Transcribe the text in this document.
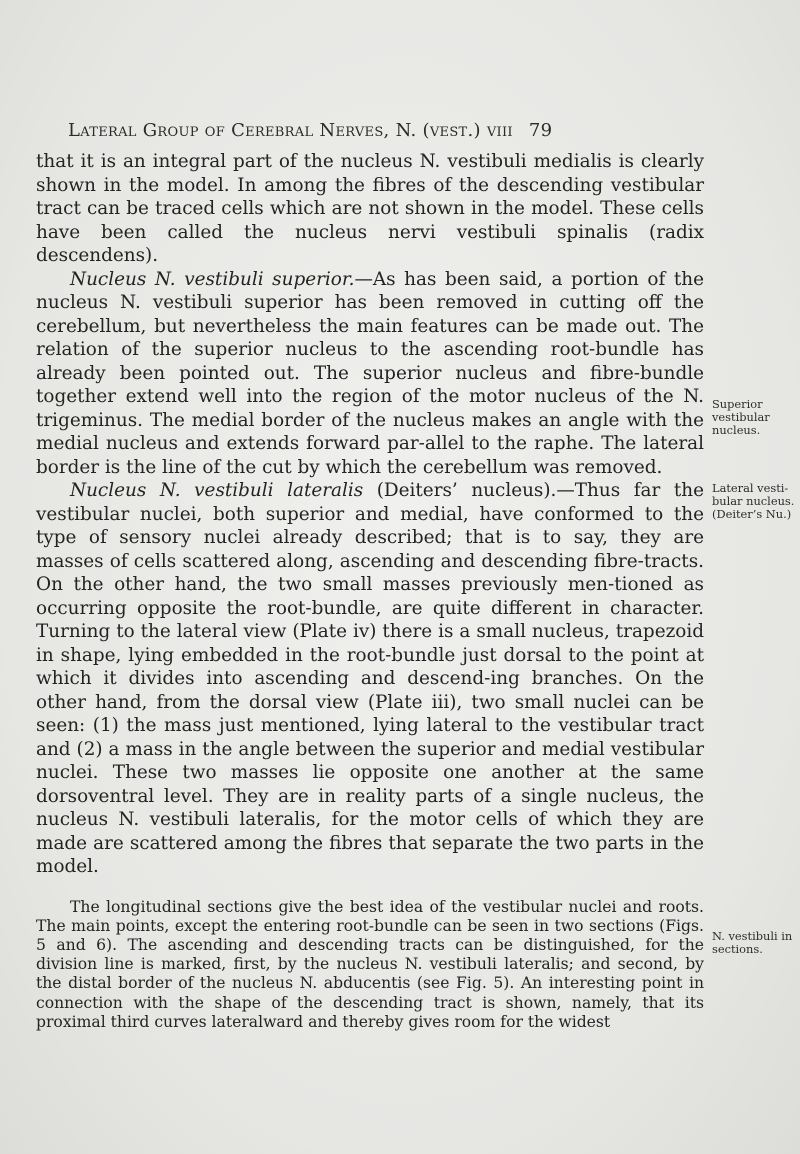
Lateral Group of Cerebral Nerves, N. (vest.) viii 79

that it is an integral part of the nucleus N. vestibuli medialis is clearly shown in the model. In among the fibres of the descending vestibular tract can be traced cells which are not shown in the model. These cells have been called the nucleus nervi vestibuli spinalis (radix descendens).

Nucleus N. vestibuli superior.—As has been said, a portion of the nucleus N. vestibuli superior has been removed in cutting off the cerebellum, but nevertheless the main features can be made out. The relation of the superior nucleus to the ascending root-bundle has already been pointed out. The superior nucleus and fibre-bundle together extend well into the region of the motor nucleus of the N. trigeminus. The medial border of the nucleus makes an angle with the medial nucleus and extends forward par-allel to the raphe. The lateral border is the line of the cut by which the cerebellum was removed.

Nucleus N. vestibuli lateralis (Deiters’ nucleus).—Thus far the vestibular nuclei, both superior and medial, have conformed to the type of sensory nuclei already described; that is to say, they are masses of cells scattered along, ascending and descending fibre-tracts. On the other hand, the two small masses previously men-tioned as occurring opposite the root-bundle, are quite different in character. Turning to the lateral view (Plate iv) there is a small nucleus, trapezoid in shape, lying embedded in the root-bundle just dorsal to the point at which it divides into ascending and descend-ing branches. On the other hand, from the dorsal view (Plate iii), two small nuclei can be seen: (1) the mass just mentioned, lying lateral to the vestibular tract and (2) a mass in the angle between the superior and medial vestibular nuclei. These two masses lie opposite one another at the same dorsoventral level. They are in reality parts of a single nucleus, the nucleus N. vestibuli lateralis, for the motor cells of which they are made are scattered among the fibres that separate the two parts in the model.

The longitudinal sections give the best idea of the vestibular nuclei and roots. The main points, except the entering root-bundle can be seen in two sections (Figs. 5 and 6). The ascending and descending tracts can be distinguished, for the division line is marked, first, by the nucleus N. vestibuli lateralis; and second, by the distal border of the nucleus N. abducentis (see Fig. 5). An interesting point in connection with the shape of the descending tract is shown, namely, that its proximal third curves lateralward and thereby gives room for the widest

Superior vestibular nucleus.
Lateral vesti-bular nucleus. (Deiter’s Nu.)
N. vestibuli in sections.
